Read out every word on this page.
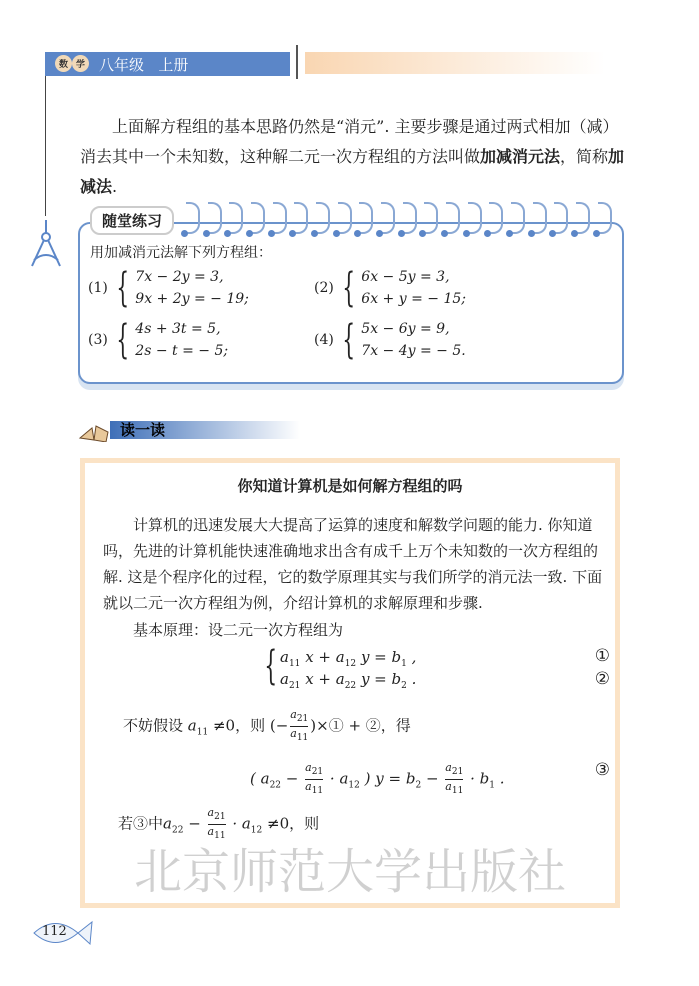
数 学 八年级
上册

上面解方程组的基本思路仍然是“消元”. 主要步骤是通过两式相加（减）消去其中一个未知数，这种解二元一次方程组的方法叫做加减消元法，简称加减法.

随堂练习
用加减消元法解下列方程组：
(1) { 7x − 2y = 3,
9x + 2y = − 19;
(2) { 6x − 5y = 3,
6x + y = − 15;
(3) { 4s + 3t = 5,
2s − t = − 5;
(4) { 5x − 6y = 9,
7x − 4y = − 5.
读一读
你知道计算机是如何解方程组的吗

计算机的迅速发展大大提高了运算的速度和解数学问题的能力. 你知道吗，先进的计算机能快速准确地求出含有成千上万个未知数的一次方程组的解. 这是个程序化的过程，它的数学原理其实与我们所学的消元法一致. 下面就以二元一次方程组为例，介绍计算机的求解原理和步骤.

基本原理：设二元一次方程组为

{ $a_{11}$ $x + a_{12}$ $y = b_1$ ,	①
$a_{21}$ $x + a_{22}$ $y = b_2$ .	②
不妨假设 $a_{11} \ne 0$，则 (− $\frac{a_{21}}{a_{11}}$ )×① + ②，得
( $a_{22} - \frac{a_{21}}{a_{11}} \cdot a_{12}$ ) $y = b_2 - \frac{a_{21}}{a_{11}} \cdot b_1$ .	③
若③中$a_{22} - \frac{a_{21}}{a_{11}} \cdot a_{12} \ne 0$，则
北京师范大学出版社
112
